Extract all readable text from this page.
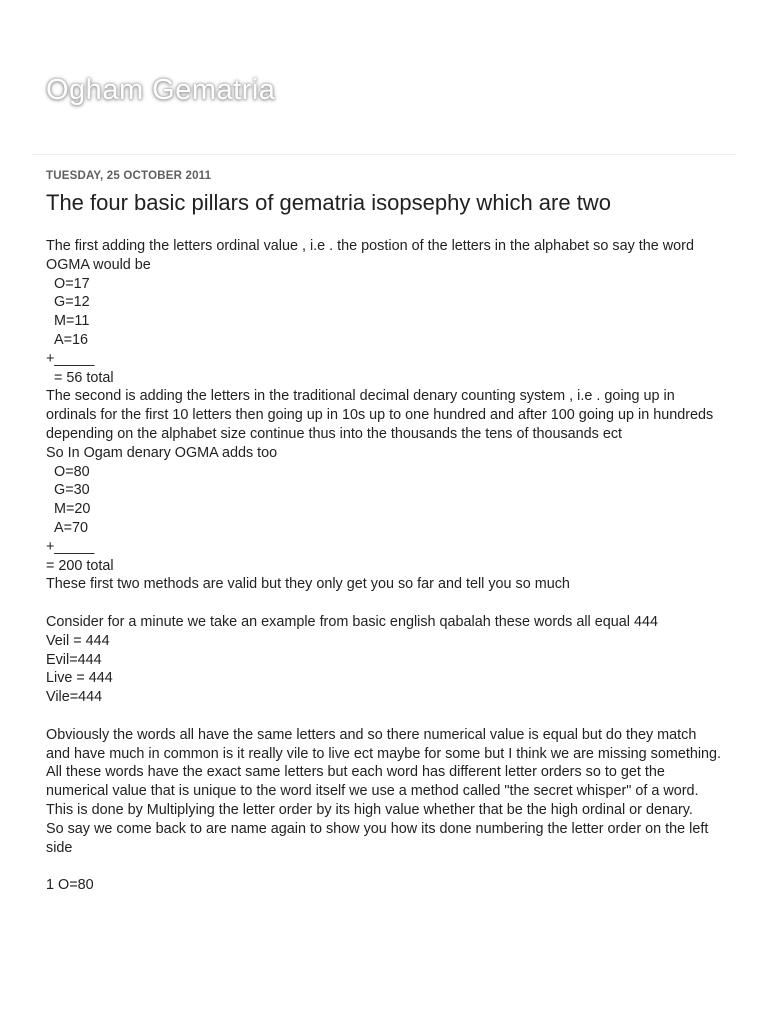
Ogham Gematria
TUESDAY, 25 OCTOBER 2011
The four basic pillars of gematria isopsephy which are two
The first adding the letters ordinal value , i.e . the postion of the letters in the alphabet so say the word OGMA would be
O=17
G=12
M=11
A=16
+_____
= 56 total
The second is adding the letters in the traditional decimal denary counting system , i.e . going up in ordinals for the first 10 letters then going up in 10s up to one hundred and after 100 going up in hundreds depending on the alphabet size continue thus into the thousands the tens of thousands ect
So In Ogam denary OGMA adds too
O=80
G=30
M=20
A=70
+_____
= 200 total
These first two methods are valid but they only get you so far and tell you so much
Consider for a minute we take an example from basic english qabalah these words all equal 444
Veil = 444
Evil=444
Live = 444
Vile=444
Obviously the words all have the same letters and so there numerical value is equal but do they match and have much in common is it really vile to live ect maybe for some but I think we are missing something.
All these words have the exact same letters but each word has different letter orders so to get the numerical value that is unique to the word itself we use a method called "the secret whisper" of a word.
This is done by Multiplying the letter order by its high value whether that be the high ordinal or denary.
So say we come back to are name again to show you how its done numbering the letter order on the left side
1 O=80
